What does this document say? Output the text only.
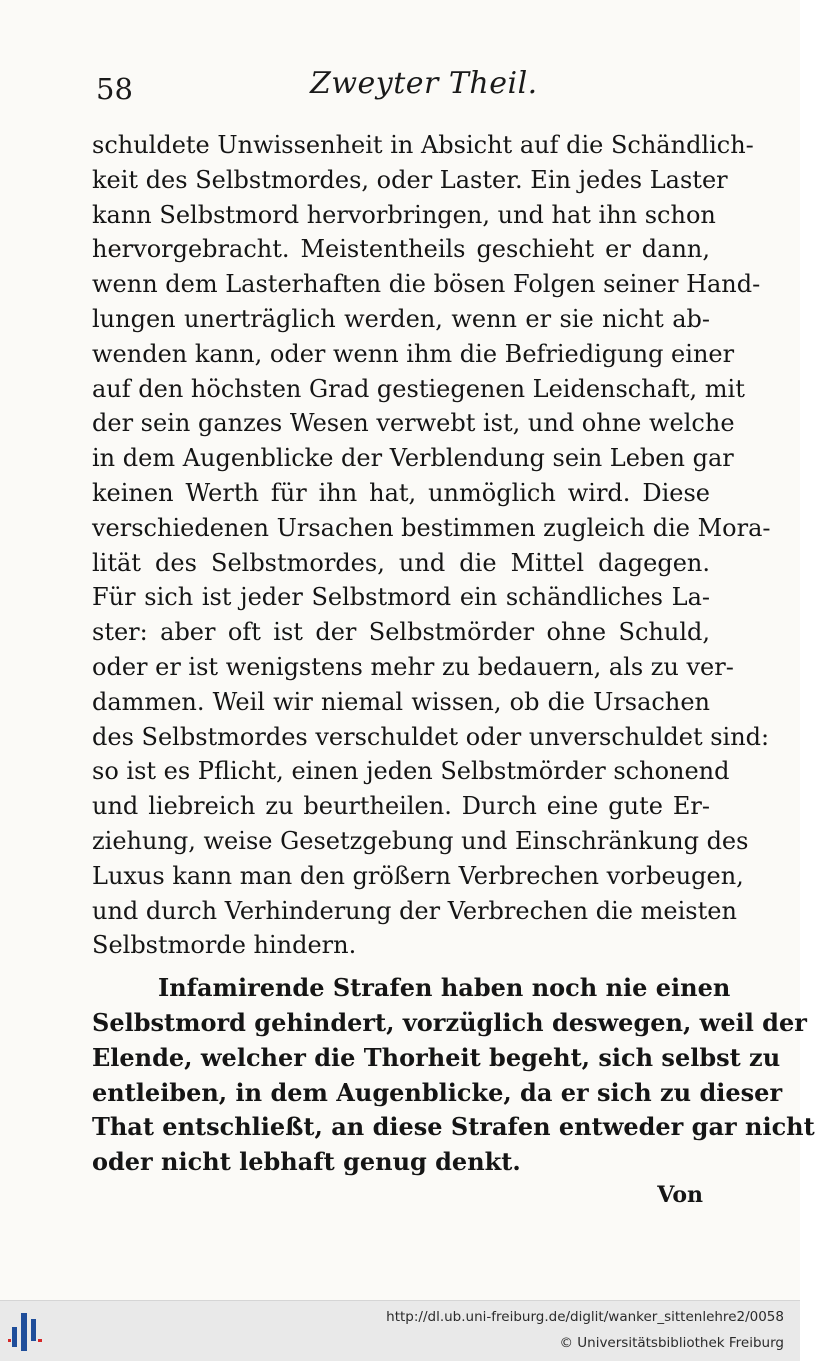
58	Zweyter Theil.
schuldete Unwissenheit in Absicht auf die Schändlich-
keit des Selbstmordes, oder Laster. Ein jedes Laster
kann Selbstmord hervorbringen, und hat ihn schon
hervorgebracht. Meistentheils geschieht er dann,
wenn dem Lasterhaften die bösen Folgen seiner Hand-
lungen unerträglich werden, wenn er sie nicht ab-
wenden kann, oder wenn ihm die Befriedigung einer
auf den höchsten Grad gestiegenen Leidenschaft, mit
der sein ganzes Wesen verwebt ist, und ohne welche
in dem Augenblicke der Verblendung sein Leben gar
keinen Werth für ihn hat, unmöglich wird. Diese
verschiedenen Ursachen bestimmen zugleich die Mora-
lität des Selbstmordes, und die Mittel dagegen.
Für sich ist jeder Selbstmord ein schändliches La-
ster: aber oft ist der Selbstmörder ohne Schuld,
oder er ist wenigstens mehr zu bedauern, als zu ver-
dammen. Weil wir niemal wissen, ob die Ursachen
des Selbstmordes verschuldet oder unverschuldet sind:
so ist es Pflicht, einen jeden Selbstmörder schonend
und liebreich zu beurtheilen. Durch eine gute Er-
ziehung, weise Gesetzgebung und Einschränkung des
Luxus kann man den größern Verbrechen vorbeugen,
und durch Verhinderung der Verbrechen die meisten
Selbstmorde hindern.
Infamirende Strafen haben noch nie einen
Selbstmord gehindert, vorzüglich deswegen, weil der
Elende, welcher die Thorheit begeht, sich selbst zu
entleiben, in dem Augenblicke, da er sich zu dieser
That entschließt, an diese Strafen entweder gar nicht
oder nicht lebhaft genug denkt.
Von
http://dl.ub.uni-freiburg.de/diglit/wanker_sittenlehre2/0058
© Universitätsbibliothek Freiburg
